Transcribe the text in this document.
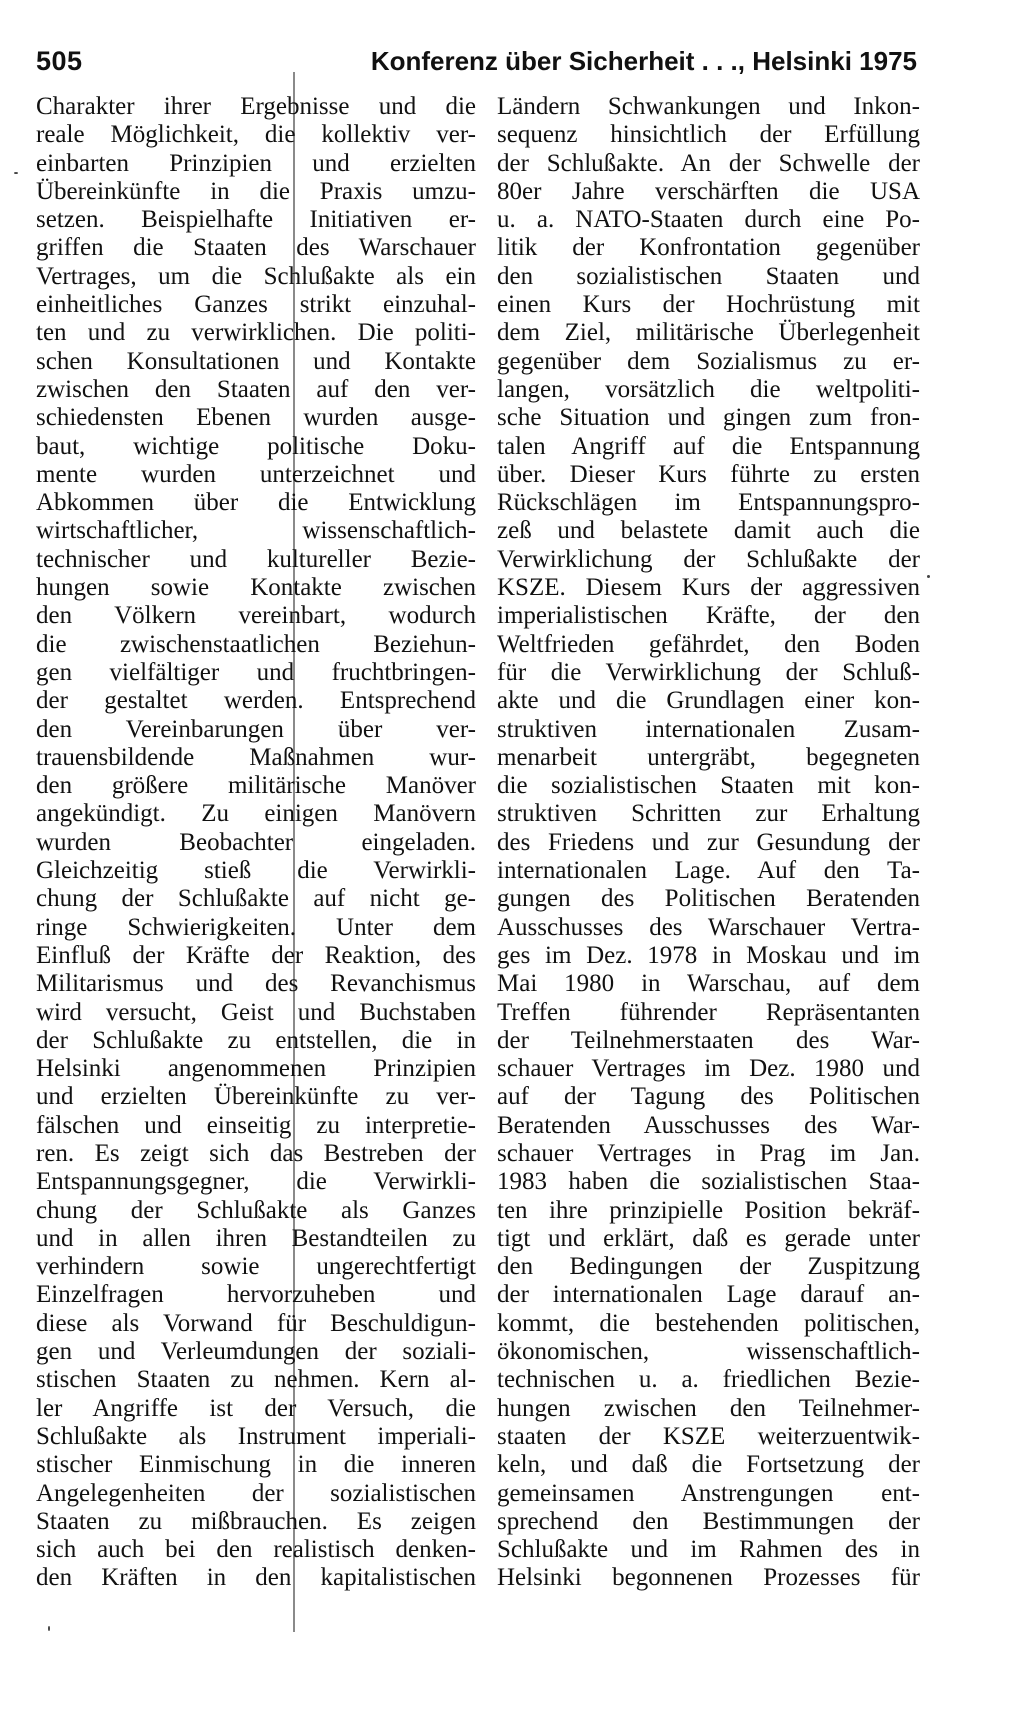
505	Konferenz über Sicherheit . . ., Helsinki 1975
Charakter ihrer Ergebnisse und die
reale Möglichkeit, die kollektiv ver-
einbarten Prinzipien und erzielten
Übereinkünfte in die Praxis umzu-
setzen. Beispielhafte Initiativen er-
griffen die Staaten des Warschauer
Vertrages, um die Schlußakte als ein
einheitliches Ganzes strikt einzuhal-
ten und zu verwirklichen. Die politi-
schen Konsultationen und Kontakte
zwischen den Staaten auf den ver-
schiedensten Ebenen wurden ausge-
baut, wichtige politische Doku-
mente wurden unterzeichnet und
Abkommen über die Entwicklung
wirtschaftlicher, wissenschaftlich-
technischer und kultureller Bezie-
hungen sowie Kontakte zwischen
den Völkern vereinbart, wodurch
die zwischenstaatlichen Beziehun-
gen vielfältiger und fruchtbringen-
der gestaltet werden. Entsprechend
den Vereinbarungen über ver-
trauensbildende Maßnahmen wur-
den größere militärische Manöver
angekündigt. Zu einigen Manövern
wurden Beobachter eingeladen.
Gleichzeitig stieß die Verwirkli-
chung der Schlußakte auf nicht ge-
ringe Schwierigkeiten. Unter dem
Einfluß der Kräfte der Reaktion, des
Militarismus und des Revanchismus
wird versucht, Geist und Buchstaben
der Schlußakte zu entstellen, die in
Helsinki angenommenen Prinzipien
und erzielten Übereinkünfte zu ver-
fälschen und einseitig zu interpretie-
ren. Es zeigt sich das Bestreben der
Entspannungsgegner, die Verwirkli-
chung der Schlußakte als Ganzes
und in allen ihren Bestandteilen zu
verhindern sowie ungerechtfertigt
Einzelfragen hervorzuheben und
diese als Vorwand für Beschuldigun-
gen und Verleumdungen der soziali-
stischen Staaten zu nehmen. Kern al-
ler Angriffe ist der Versuch, die
Schlußakte als Instrument imperiali-
stischer Einmischung in die inneren
Angelegenheiten der sozialistischen
Staaten zu mißbrauchen. Es zeigen
sich auch bei den realistisch denken-
den Kräften in den kapitalistischen
Ländern Schwankungen und Inkon-
sequenz hinsichtlich der Erfüllung
der Schlußakte. An der Schwelle der
80er Jahre verschärften die USA
u. a. NATO-Staaten durch eine Po-
litik der Konfrontation gegenüber
den sozialistischen Staaten und
einen Kurs der Hochrüstung mit
dem Ziel, militärische Überlegenheit
gegenüber dem Sozialismus zu er-
langen, vorsätzlich die weltpoliti-
sche Situation und gingen zum fron-
talen Angriff auf die Entspannung
über. Dieser Kurs führte zu ersten
Rückschlägen im Entspannungspro-
zeß und belastete damit auch die
Verwirklichung der Schlußakte der
KSZE. Diesem Kurs der aggressiven
imperialistischen Kräfte, der den
Weltfrieden gefährdet, den Boden
für die Verwirklichung der Schluß-
akte und die Grundlagen einer kon-
struktiven internationalen Zusam-
menarbeit untergräbt, begegneten
die sozialistischen Staaten mit kon-
struktiven Schritten zur Erhaltung
des Friedens und zur Gesundung der
internationalen Lage. Auf den Ta-
gungen des Politischen Beratenden
Ausschusses des Warschauer Vertra-
ges im Dez. 1978 in Moskau und im
Mai 1980 in Warschau, auf dem
Treffen führender Repräsentanten
der Teilnehmerstaaten des War-
schauer Vertrages im Dez. 1980 und
auf der Tagung des Politischen
Beratenden Ausschusses des War-
schauer Vertrages in Prag im Jan.
1983 haben die sozialistischen Staa-
ten ihre prinzipielle Position bekräf-
tigt und erklärt, daß es gerade unter
den Bedingungen der Zuspitzung
der internationalen Lage darauf an-
kommt, die bestehenden politischen,
ökonomischen, wissenschaftlich-
technischen u. a. friedlichen Bezie-
hungen zwischen den Teilnehmer-
staaten der KSZE weiterzuentwik-
keln, und daß die Fortsetzung der
gemeinsamen Anstrengungen ent-
sprechend den Bestimmungen der
Schlußakte und im Rahmen des in
Helsinki begonnenen Prozesses für
